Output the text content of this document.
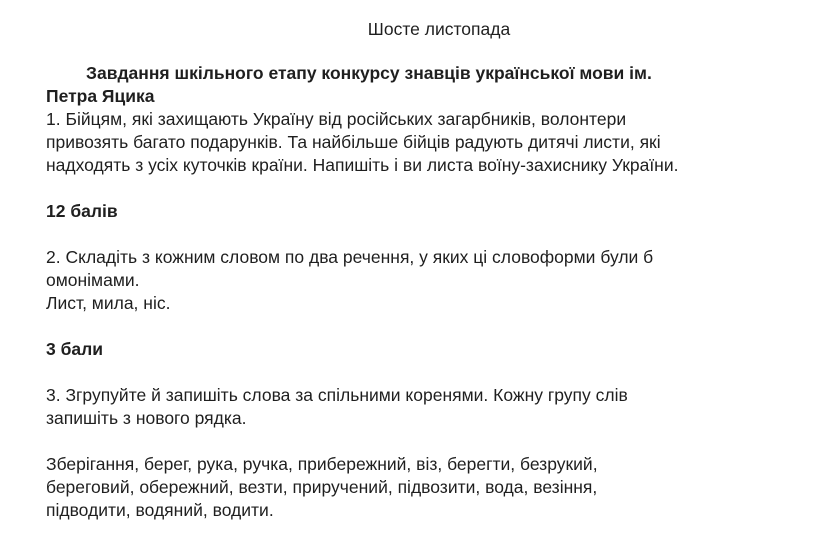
Шосте листопада

Завдання шкільного етапу конкурсу знавців української мови ім.

Петра Яцика

1. Бійцям, які захищають Україну від російських загарбників, волонтери

привозять багато подарунків. Та найбільше бійців радують дитячі листи, які

надходять з усіх куточків країни. Напишіть і ви листа воїну-захиснику України.

12 балів

2. Складіть з кожним словом по два речення, у яких ці словоформи були б

омонімами.

Лист, мила, ніс.

3 бали

3. Згрупуйте й запишіть слова за спільними коренями. Кожну групу слів

запишіть з нового рядка.

Зберігання, берег, рука, ручка, прибережний, віз, берегти, безрукий,

береговий, обережний, везти, приручений, підвозити, вода, везіння,

підводити, водяний, водити.
